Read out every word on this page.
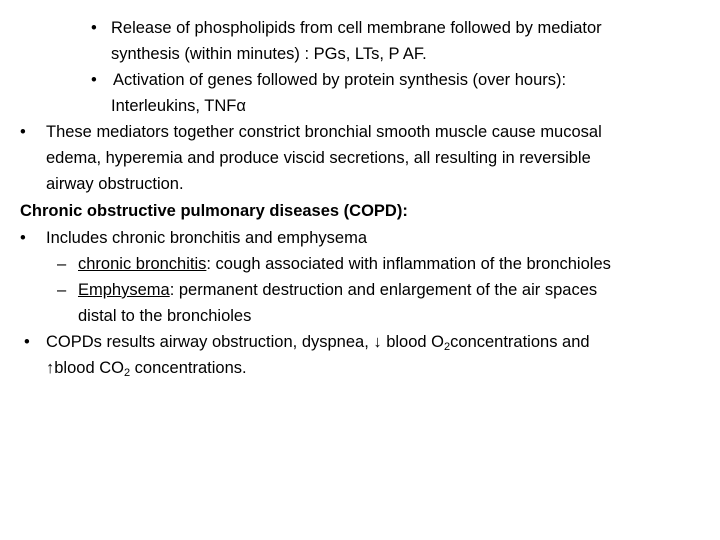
• Release of phospholipids from cell membrane followed by mediator
synthesis (within minutes) : PGs, LTs, P AF.
• Activation of genes followed by protein synthesis (over hours):
Interleukins, TNFα
• These mediators together constrict bronchial smooth muscle cause mucosal
edema, hyperemia and produce viscid secretions, all resulting in reversible
airway obstruction.
Chronic obstructive pulmonary diseases (COPD):
• Includes chronic bronchitis and emphysema
– chronic bronchitis: cough associated with inflammation of the bronchioles
– Emphysema: permanent destruction and enlargement of the air spaces
distal to the bronchioles
• COPDs results airway obstruction, dyspnea, ↓ blood $O_2concentrations$ and
↑blood $CO_2$ concentrations.
